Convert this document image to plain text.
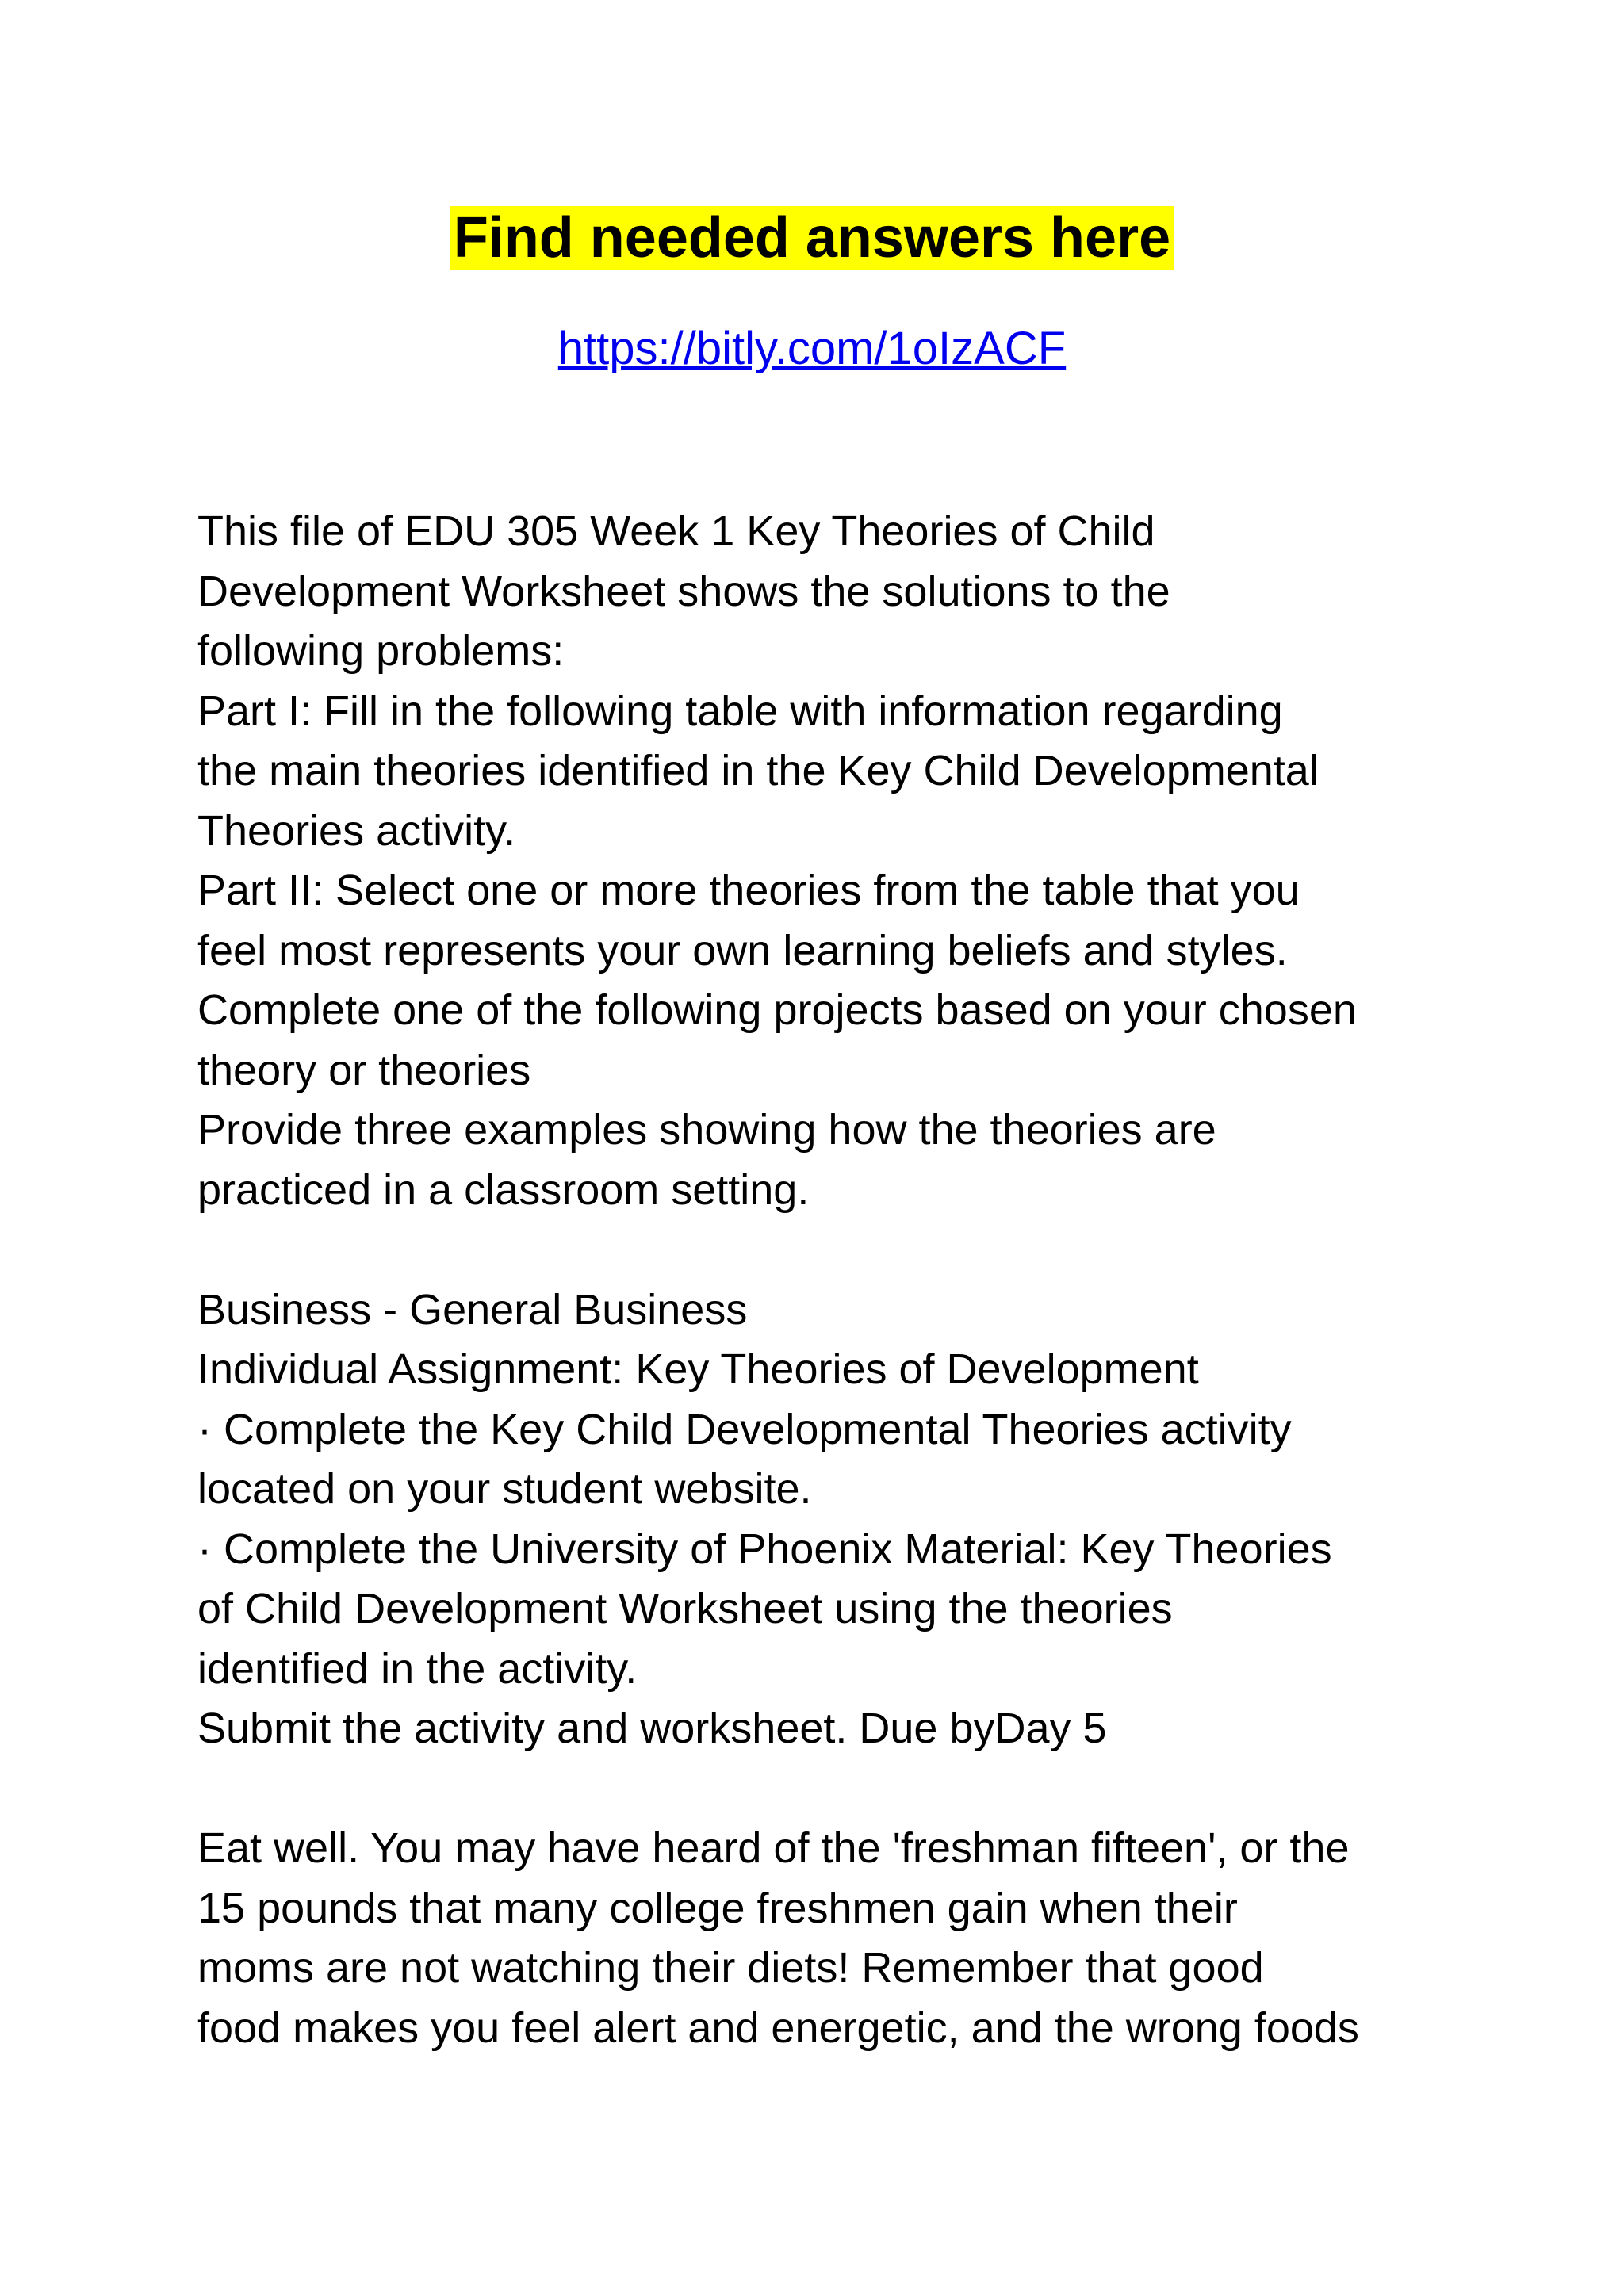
Find needed answers here
https://bitly.com/1oIzACF
This file of EDU 305 Week 1 Key Theories of Child
Development Worksheet shows the solutions to the
following problems:
Part I: Fill in the following table with information regarding
the main theories identified in the Key Child Developmental
Theories activity.
Part II: Select one or more theories from the table that you
feel most represents your own learning beliefs and styles.
Complete one of the following projects based on your chosen
theory or theories
Provide three examples showing how the theories are
practiced in a classroom setting.
Business - General Business
Individual Assignment: Key Theories of Development
· Complete the Key Child Developmental Theories activity
located on your student website.
· Complete the University of Phoenix Material: Key Theories
of Child Development Worksheet using the theories
identified in the activity.
Submit the activity and worksheet. Due byDay 5
Eat well. You may have heard of the 'freshman fifteen', or the
15 pounds that many college freshmen gain when their
moms are not watching their diets! Remember that good
food makes you feel alert and energetic, and the wrong foods
